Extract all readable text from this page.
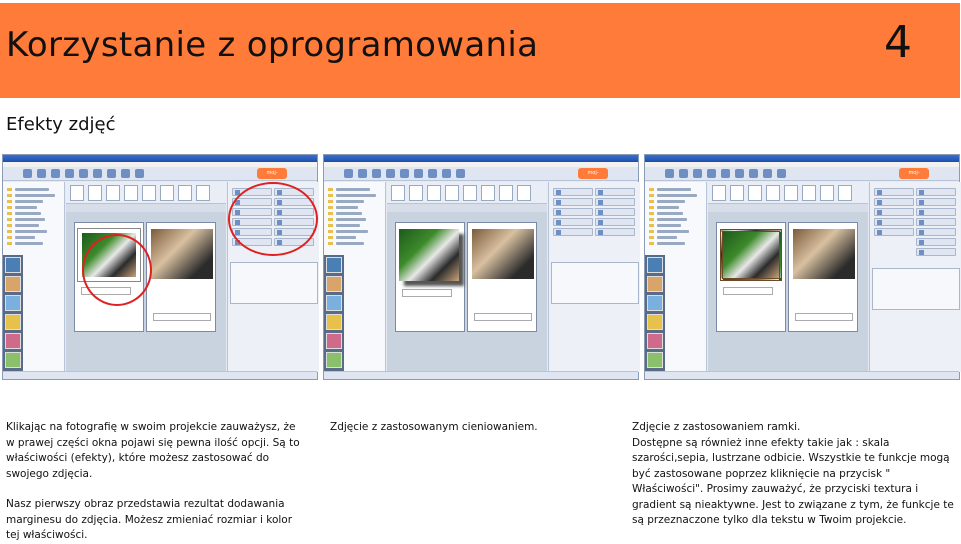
Korzystanie z oprogramowania	4
Efekty zdjęć
moj-	moj-	moj-

Klikając na fotografię w swoim projekcie zauważysz, że w prawej części okna pojawi się pewna ilość opcji. Są to właściwości (efekty), które możesz zastosować do swojego zdjęcia.

Nasz pierwszy obraz przedstawia rezultat dodawania marginesu do zdjęcia. Możesz zmieniać rozmiar i kolor tej właściwości.

Zdjęcie z zastosowanym cieniowaniem.	Zdjęcie z zastosowaniem ramki.

Dostępne są również inne efekty takie jak : skala szarości,sepia, lustrzane odbicie. Wszystkie te funkcje mogą być zastosowane poprzez kliknięcie na przycisk " Właściwości". Prosimy zauważyć, że przyciski textura i gradient są nieaktywne. Jest to związane z tym, że funkcje te są przeznaczone tylko dla tekstu w Twoim projekcie.
